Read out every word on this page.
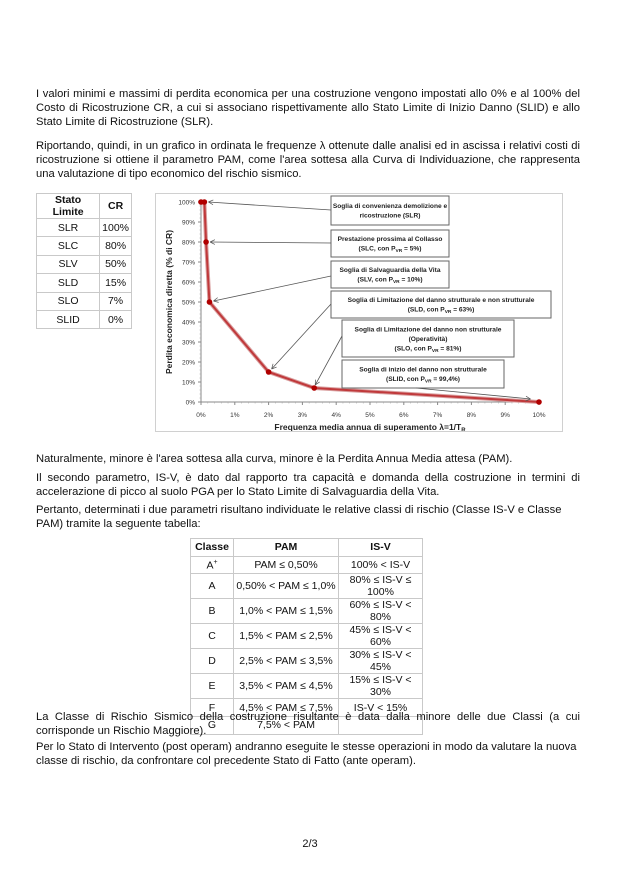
I valori minimi e massimi di perdita economica per una costruzione vengono impostati allo 0% e al 100% del Costo di Ricostruzione CR, a cui si associano rispettivamente allo Stato Limite di Inizio Danno (SLID) e allo Stato Limite di Ricostruzione (SLR).
Riportando, quindi, in un grafico in ordinata le frequenze λ ottenute dalle analisi ed in ascissa i relativi costi di ricostruzione si ottiene il parametro PAM, come l'area sottesa alla Curva di Individuazione, che rappresenta una valutazione di tipo economico del rischio sismico.
Stato Limite	CR
SLR	100%
SLC	80%
SLV	50%
SLD	15%
SLO	7%
SLID	0%
0%
10%
20%
30%
40%
50%
60%
70%
80%
90%
100%
0%	1%	2%	3%	4%	5%	6%	7%	8%	9%	10%
Frequenza media annua di superamento $\lambda=1/T_R$
Perdita economica diretta (% di CR)
Soglia di convenienza demolizione e
ricostruzione (SLR)
Prestazione prossima al Collasso
(SLC, con $P_{VR} = 5\%$)
Soglia di Salvaguardia della Vita
(SLV, con $P_{VR} = 10\%$)
Soglia di Limitazione del danno strutturale e non strutturale
(SLD, con $P_{VR} = 63\%$)
Soglia di Limitazione del danno non strutturale
(Operatività)
(SLO, con $P_{VR} = 81\%$)
Soglia di inizio del danno non strutturale
(SLID, con $P_{VR} = 99,4\%$)
Naturalmente, minore è l'area sottesa alla curva, minore è la Perdita Annua Media attesa (PAM).
Il secondo parametro, IS-V, è dato dal rapporto tra capacità e domanda della costruzione in termini di accelerazione di picco al suolo PGA per lo Stato Limite di Salvaguardia della Vita.
Pertanto, determinati i due parametri risultano individuate le relative classi di rischio (Classe IS-V e Classe PAM) tramite la seguente tabella:
Classe	PAM	IS-V
A+	PAM ≤ 0,50%	100% < IS-V
A	0,50% < PAM ≤ 1,0%	80% ≤ IS-V ≤ 100%
B	1,0% < PAM ≤ 1,5%	60% ≤ IS-V < 80%
C	1,5% < PAM ≤ 2,5%	45% ≤ IS-V < 60%
D	2,5% < PAM ≤ 3,5%	30% ≤ IS-V < 45%
E	3,5% < PAM ≤ 4,5%	15% ≤ IS-V < 30%
F	4,5% < PAM ≤ 7,5%	IS-V < 15%
G	7,5% < PAM	
La Classe di Rischio Sismico della costruzione risultante è data dalla minore delle due Classi (a cui corrisponde un Rischio Maggiore).
Per lo Stato di Intervento (post operam) andranno eseguite le stesse operazioni in modo da valutare la nuova classe di rischio, da confrontare col precedente Stato di Fatto (ante operam).
2/3
